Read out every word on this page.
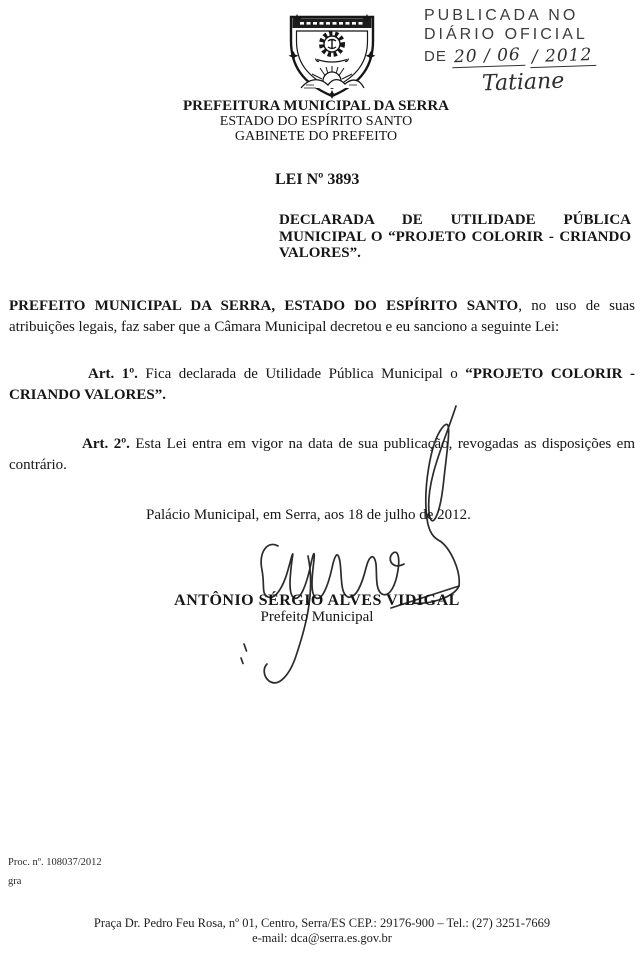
PUBLICADA NO
DIÁRIO OFICIAL
DE 20 / 06 / 2012
Tatiane
PREFEITURA MUNICIPAL DA SERRA
ESTADO DO ESPÍRITO SANTO
GABINETE DO PREFEITO
LEI Nº 3893
DECLARADA DE UTILIDADE PÚBLICA MUNICIPAL O “PROJETO COLORIR - CRIANDO VALORES”.

PREFEITO MUNICIPAL DA SERRA, ESTADO DO ESPÍRITO SANTO, no uso de suas atribuições legais, faz saber que a Câmara Municipal decretou e eu sanciono a seguinte Lei:

Art. 1º. Fica declarada de Utilidade Pública Municipal o “PROJETO COLORIR - CRIANDO VALORES”.

Art. 2º. Esta Lei entra em vigor na data de sua publicação, revogadas as disposições em contrário.

Palácio Municipal, em Serra, aos 18 de julho de 2012.

ANTÔNIO SÉRGIO ALVES VIDIGAL
Prefeito Municipal
Proc. nº. 108037/2012
gra
Praça Dr. Pedro Feu Rosa, nº 01, Centro, Serra/ES CEP.: 29176-900 – Tel.: (27) 3251-7669
e-mail: dca@serra.es.gov.br
